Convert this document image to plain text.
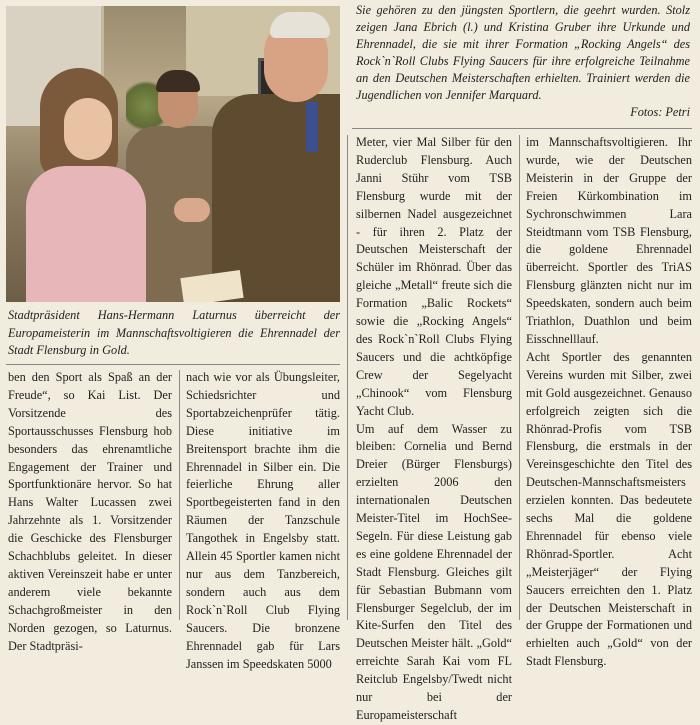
Sie gehören zu den jüngsten Sportlern, die geehrt wurden. Stolz zeigen Jana Ebrich (l.) und Kristina Gruber ihre Urkunde und Ehrennadel, die sie mit ihrer Formation „Rocking Angels“ des Rock`n`Roll Clubs Flying Saucers für ihre erfolgreiche Teilnahme an den Deutschen Meisterschaften erhielten. Trainiert werden die Jugendlichen von Jennifer Marquard.
Fotos: Petri
Stadtpräsident Hans-Hermann Laturnus überreicht der Europameisterin im Mannschaftsvoltigieren die Ehrennadel der Stadt Flensburg in Gold.

ben den Sport als Spaß an der Freude“, so Kai List. Der Vorsitzende des Sportausschusses Flensburg hob besonders das ehrenamtliche Engagement der Trainer und Sportfunktionäre hervor. So hat Hans Walter Lucassen zwei Jahrzehnte als 1. Vorsitzender die Geschicke des Flensburger Schachblubs geleitet. In dieser aktiven Vereinszeit habe er unter anderem viele bekannte Schachgroßmeister in den Norden gezogen, so Laturnus. Der Stadtpräsi-

nach wie vor als Übungsleiter, Schiedsrichter und Sportabzeichenprüfer tätig. Diese initiative im Breitensport brachte ihm die Ehrennadel in Silber ein. Die feierliche Ehrung aller Sportbegeisterten fand in den Räumen der Tanzschule Tangothek in Engelsby statt. Allein 45 Sportler kamen nicht nur aus dem Tanzbereich, sondern auch aus dem Rock`n`Roll Club Flying Saucers. Die bronzene Ehrennadel gab für Lars Janssen im Speedskaten 5000

Meter, vier Mal Silber für den Ruderclub Flensburg. Auch Janni Stühr vom TSB Flensburg wurde mit der silbernen Nadel ausgezeichnet - für ihren 2. Platz der Deutschen Meisterschaft der Schüler im Rhönrad. Über das gleiche „Metall“ freute sich die Formation „Balic Rockets“ sowie die „Rocking Angels“ des Rock`n`Roll Clubs Flying Saucers und die achtköpfige Crew der Segelyacht „Chinook“ vom Flensburg Yacht Club.

Um auf dem Wasser zu bleiben: Cornelia und Bernd Dreier (Bürger Flensburgs) erzielten 2006 den internationalen Deutschen Meister-Titel im HochSee-Segeln. Für diese Leistung gab es eine goldene Ehrennadel der Stadt Flensburg. Gleiches gilt für Sebastian Bubmann vom Flensburger Segelclub, der im Kite-Surfen den Titel des Deutschen Meister hält. „Gold“ erreichte Sarah Kai vom FL Reitclub Engelsby/Twedt nicht nur bei der Europameisterschaft

im Mannschaftsvoltigieren. Ihr wurde, wie der Deutschen Meisterin in der Gruppe der Freien Kürkombination im Sychronschwimmen Lara Steidtmann vom TSB Flensburg, die goldene Ehrennadel überreicht. Sportler des TriAS Flensburg glänzten nicht nur im Speedskaten, sondern auch beim Triathlon, Duathlon und beim Eisschnelllauf.

Acht Sportler des genannten Vereins wurden mit Silber, zwei mit Gold ausgezeichnet. Genauso erfolgreich zeigten sich die Rhönrad-Profis vom TSB Flensburg, die erstmals in der Vereinsgeschichte den Titel des Deutschen-Mannschaftsmeisters erzielen konnten. Das bedeutete sechs Mal die goldene Ehrennadel für ebenso viele Rhönrad-Sportler. Acht „Meisterjäger“ der Flying Saucers erreichten den 1. Platz der Deutschen Meisterschaft in der Gruppe der Formationen und erhielten auch „Gold“ von der Stadt Flensburg.
